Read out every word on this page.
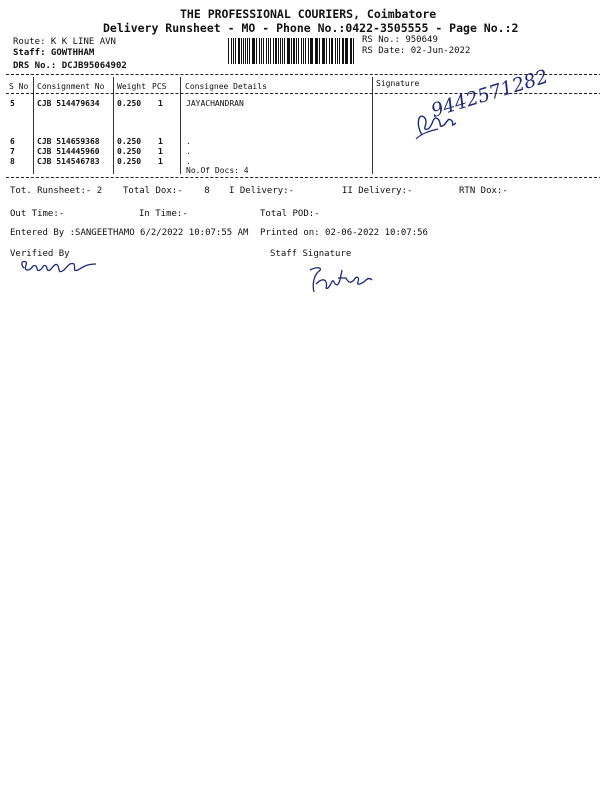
THE PROFESSIONAL COURIERS, Coimbatore
Delivery Runsheet - MO - Phone No.:0422-3505555 - Page No.:2
Route: K K LINE AVN
Staff: GOWTHHAM
DRS No.: DCJB95064902
RS No.: 950649
RS Date: 02-Jun-2022
S No Consignment No Weight PCS Consignee Details	Signature
5	CJB 514479634 0.250 1	JAYACHANDRAN
6	CJB 514659368 0.250 1	.
7	CJB 514445960 0.250 1	.
8	CJB 514546783 0.250 1	.
No.Of Docs: 4
9442571282
Tot. Runsheet:- 2 Total Dox:-    8 I Delivery:-	II Delivery:-	RTN Dox:-
Out Time:-	In Time:-	Total POD:-
Entered By :SANGEETHAMO 6/2/2022 10:07:55 AM Printed on: 02-06-2022 10:07:56
Verified By	Staff Signature
